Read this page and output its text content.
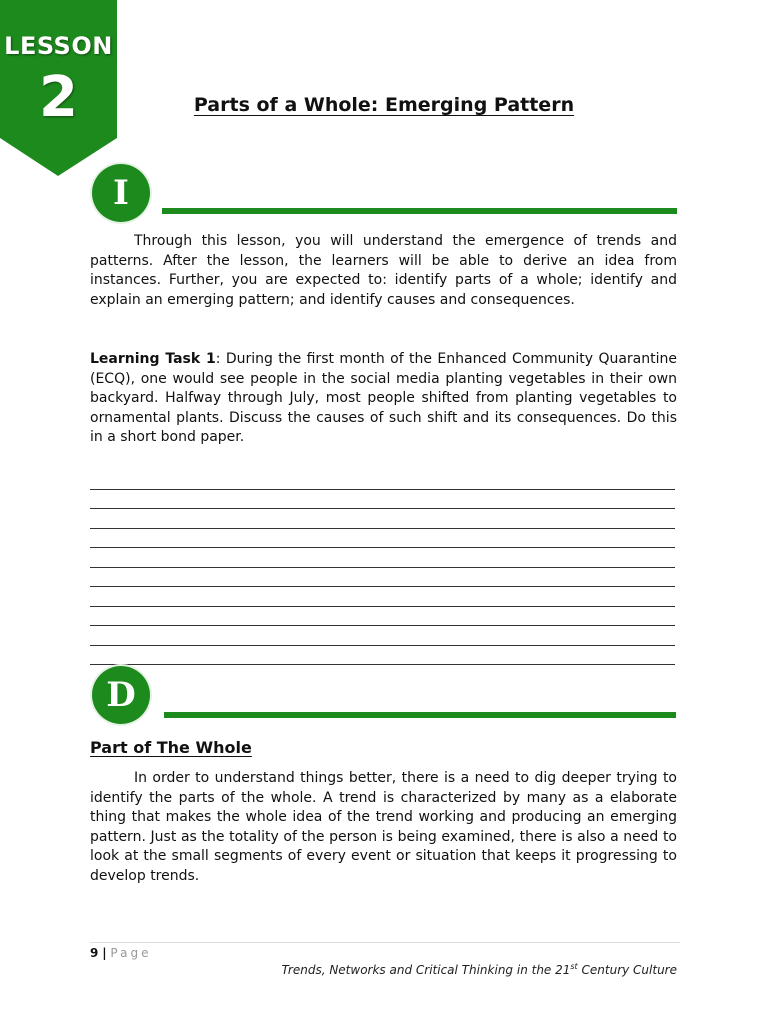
LESSON
2	Parts of a Whole: Emerging Pattern
I

Through this lesson, you will understand the emergence of trends and patterns. After the lesson, the learners will be able to derive an idea from instances. Further, you are expected to: identify parts of a whole; identify and explain an emerging pattern; and identify causes and consequences.

Learning Task 1: During the first month of the Enhanced Community Quarantine (ECQ), one would see people in the social media planting vegetables in their own backyard. Halfway through July, most people shifted from planting vegetables to ornamental plants. Discuss the causes of such shift and its consequences. Do this in a short bond paper.

D
Part of The Whole

In order to understand things better, there is a need to dig deeper trying to identify the parts of the whole. A trend is characterized by many as a elaborate thing that makes the whole idea of the trend working and producing an emerging pattern. Just as the totality of the person is being examined, there is also a need to look at the small segments of every event or situation that keeps it progressing to develop trends.

9 | Page
Trends, Networks and Critical Thinking in the 21st Century Culture
